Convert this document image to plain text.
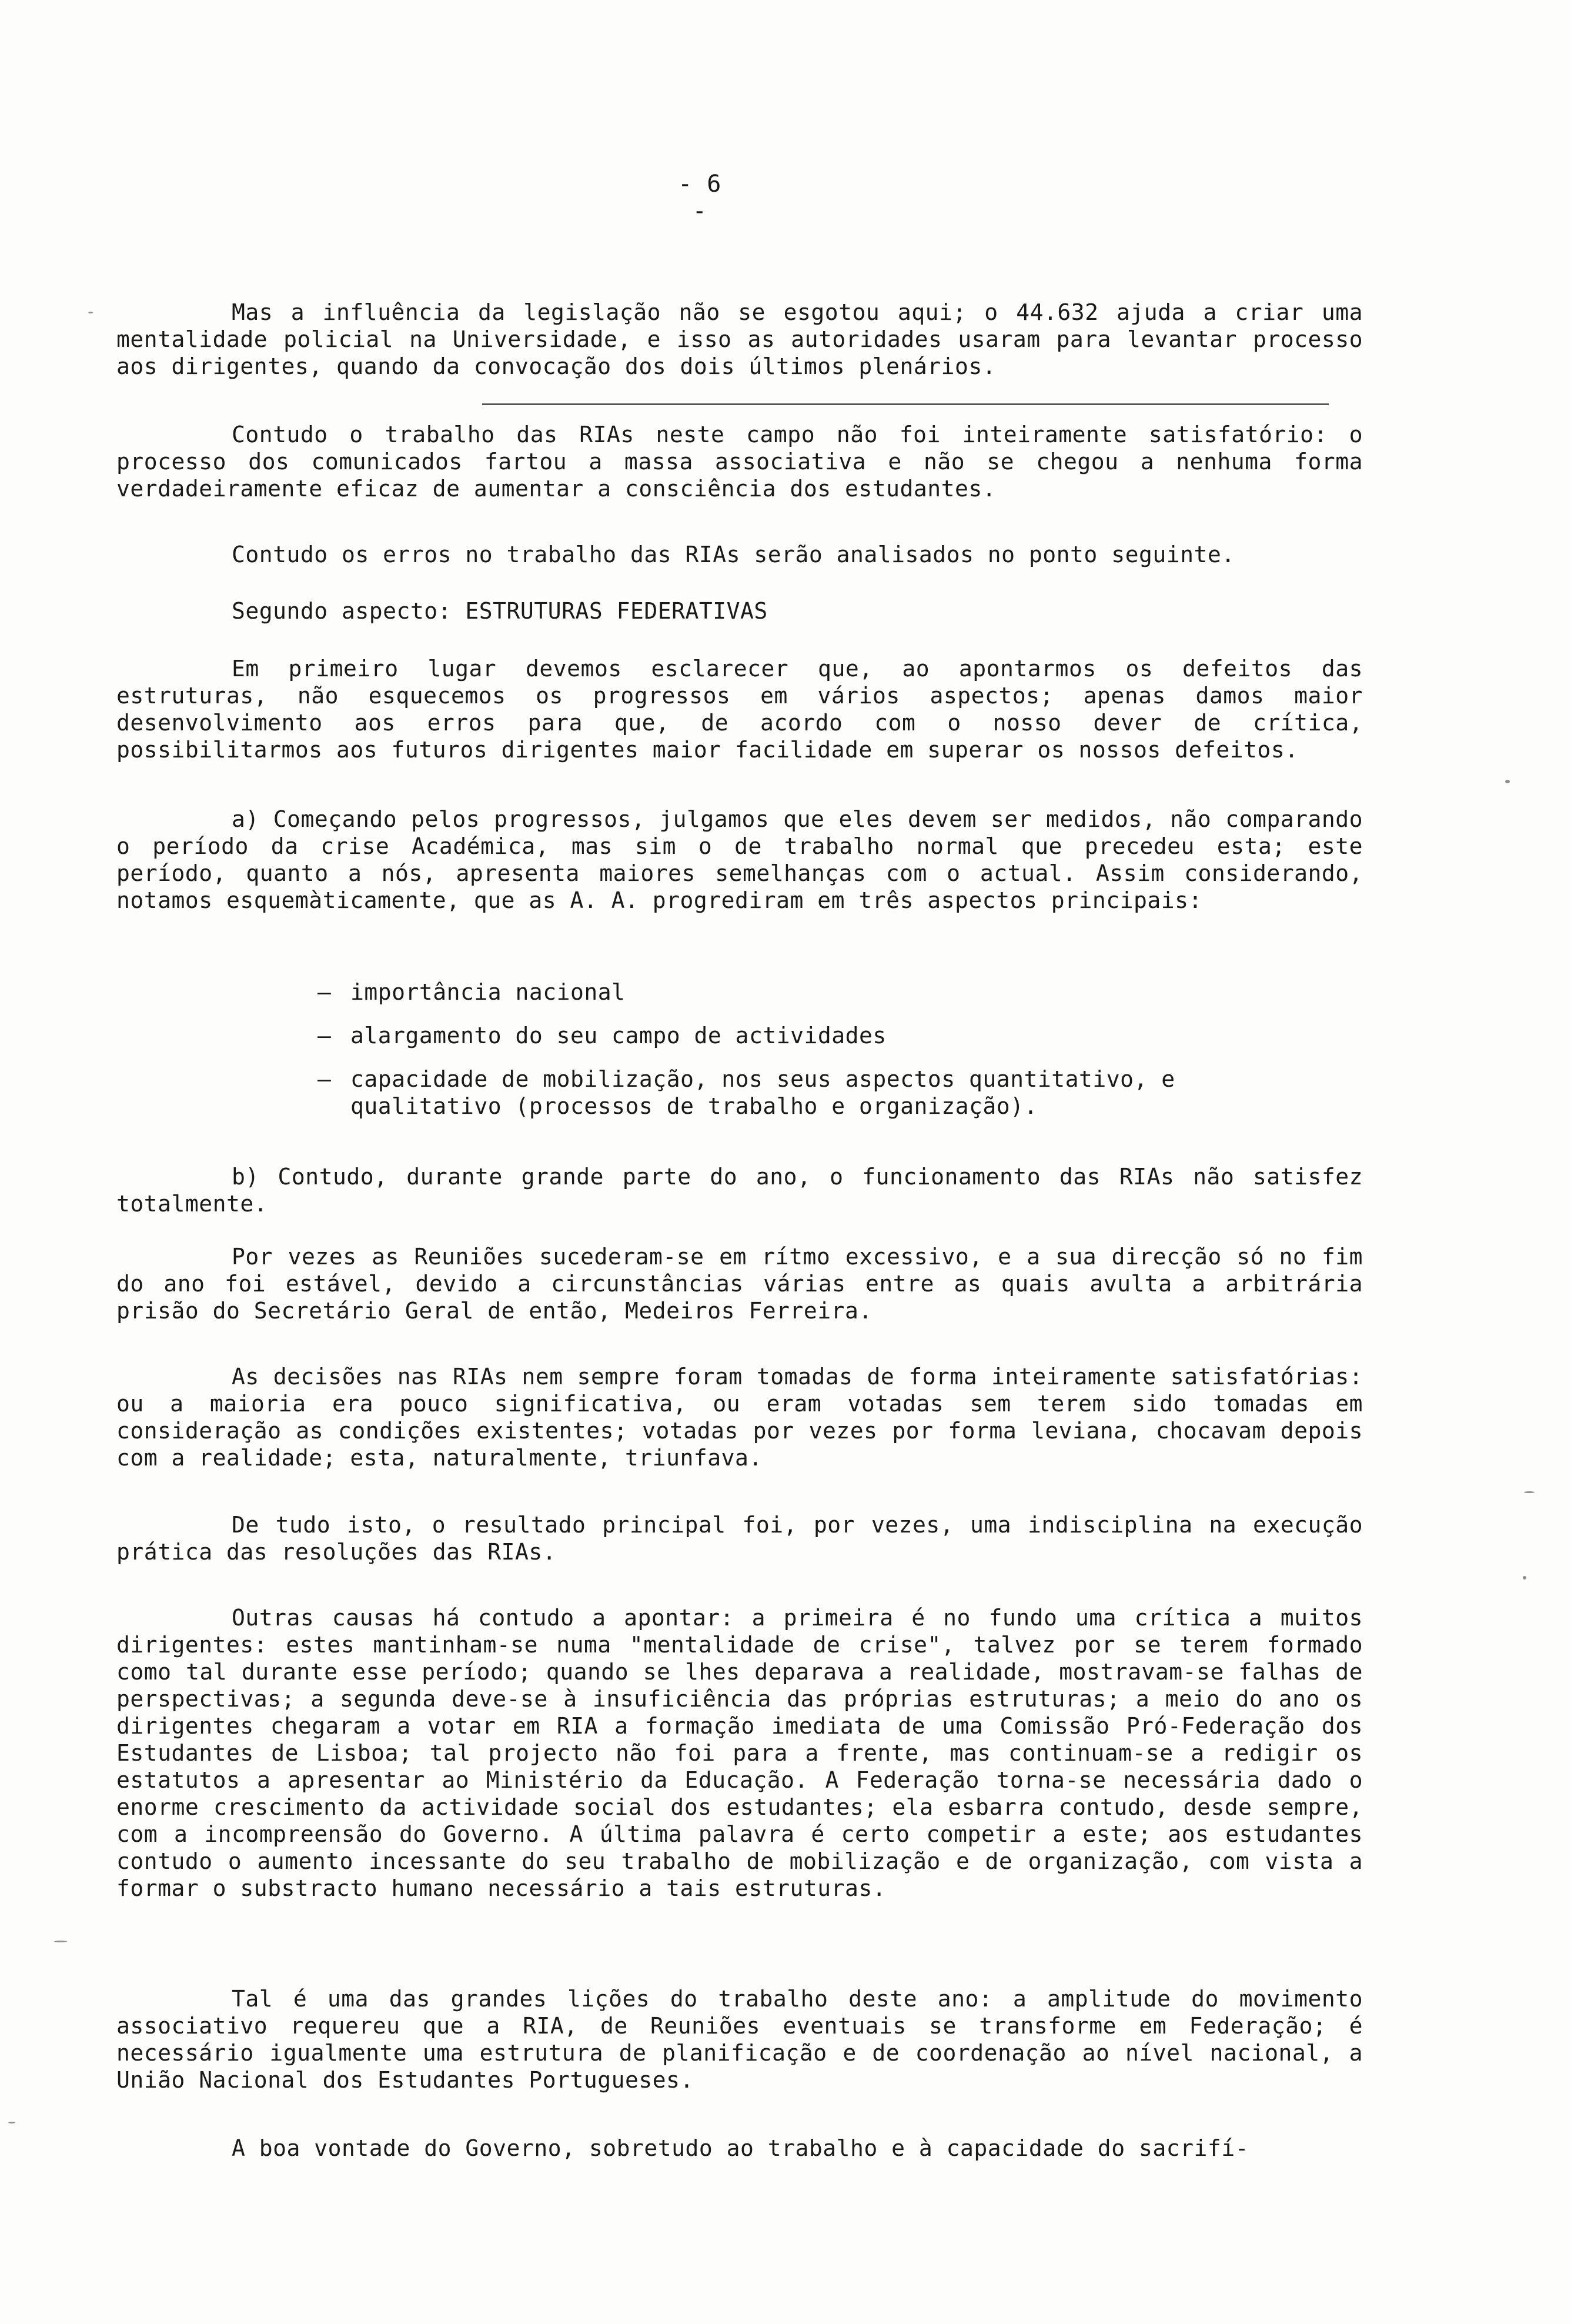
- 6 -

Mas a influência da legislação não se esgotou aqui; o 44.632 ajuda a criar uma mentalidade policial na Universidade, e isso as autoridades usaram para levantar processo aos dirigentes, quando da convocação dos dois últimos plenários.

Contudo o trabalho das RIAs neste campo não foi inteiramente satisfatório: o processo dos comunicados fartou a massa associativa e não se chegou a nenhuma forma verdadeiramente eficaz de aumentar a consciência dos estudantes.

Contudo os erros no trabalho das RIAs serão analisados no ponto seguinte.

Segundo aspecto: ESTRUTURAS FEDERATIVAS

Em primeiro lugar devemos esclarecer que, ao apontarmos os defeitos das estruturas, não esquecemos os progressos em vários aspectos; apenas damos maior desenvolvimento aos erros para que, de acordo com o nosso dever de crítica, possibilitarmos aos futuros dirigentes maior facilidade em superar os nossos defeitos.

a) Começando pelos progressos, julgamos que eles devem ser medidos, não comparando o período da crise Académica, mas sim o de trabalho normal que precedeu esta; este período, quanto a nós, apresenta maiores semelhanças com o actual. Assim considerando, notamos esquemàticamente, que as A. A. progrediram em três aspectos principais:

– importância nacional
– alargamento do seu campo de actividades
– capacidade de mobilização, nos seus aspectos quantitativo, e qualitativo (processos de trabalho e organização).

b) Contudo, durante grande parte do ano, o funcionamento das RIAs não satisfez totalmente.

Por vezes as Reuniões sucederam-se em rítmo excessivo, e a sua direcção só no fim do ano foi estável, devido a circunstâncias várias entre as quais avulta a arbitrária prisão do Secretário Geral de então, Medeiros Ferreira.

As decisões nas RIAs nem sempre foram tomadas de forma inteiramente satisfatórias: ou a maioria era pouco significativa, ou eram votadas sem terem sido tomadas em consideração as condições existentes; votadas por vezes por forma leviana, chocavam depois com a realidade; esta, naturalmente, triunfava.

De tudo isto, o resultado principal foi, por vezes, uma indisciplina na execução prática das resoluções das RIAs.

Outras causas há contudo a apontar: a primeira é no fundo uma crítica a muitos dirigentes: estes mantinham-se numa "mentalidade de crise", talvez por se terem formado como tal durante esse período; quando se lhes deparava a realidade, mostravam-se falhas de perspectivas; a segunda deve-se à insuficiência das próprias estruturas; a meio do ano os dirigentes chegaram a votar em RIA a formação imediata de uma Comissão Pró-Federação dos Estudantes de Lisboa; tal projecto não foi para a frente, mas continuam-se a redigir os estatutos a apresentar ao Ministério da Educação. A Federação torna-se necessária dado o enorme crescimento da actividade social dos estudantes; ela esbarra contudo, desde sempre, com a incompreensão do Governo. A última palavra é certo competir a este; aos estudantes contudo o aumento incessante do seu trabalho de mobilização e de organização, com vista a formar o substracto humano necessário a tais estruturas.

Tal é uma das grandes lições do trabalho deste ano: a amplitude do movimento associativo requereu que a RIA, de Reuniões eventuais se transforme em Federação; é necessário igualmente uma estrutura de planificação e de coordenação ao nível nacional, a União Nacional dos Estudantes Portugueses.

A boa vontade do Governo, sobretudo ao trabalho e à capacidade do sacrifí-
